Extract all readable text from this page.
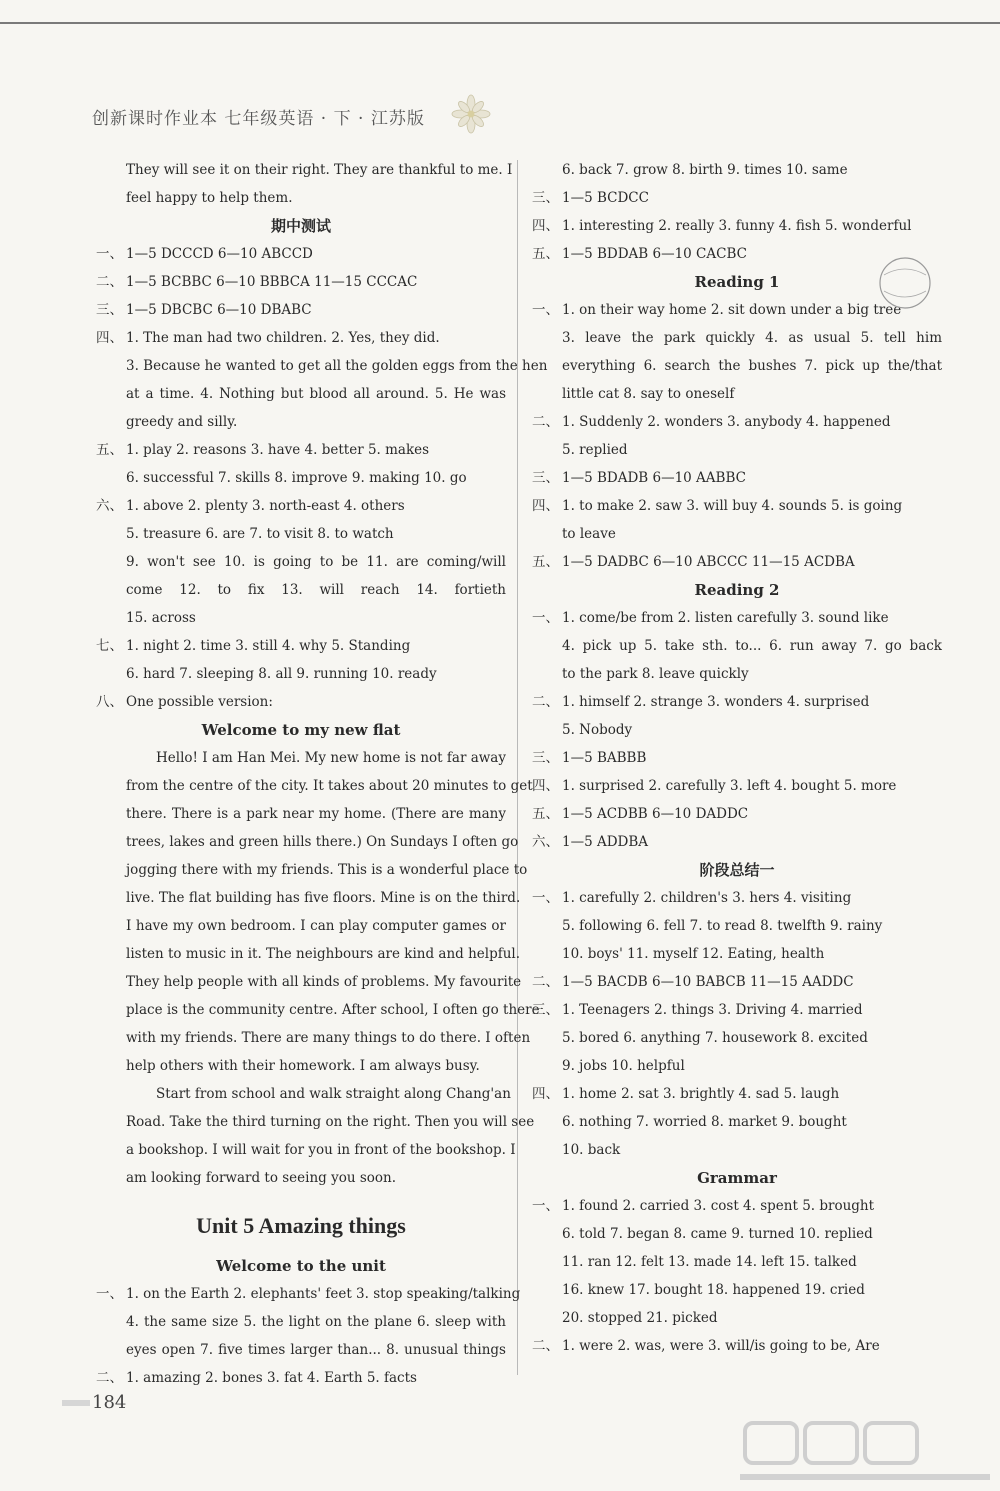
创新课时作业本 七年级英语 · 下 · 江苏版
They will see it on their right. They are thankful to me. I
feel happy to help them.
期中测试
一、 1—5 DCCCD 6—10 ABCCD
二、 1—5 BCBBC 6—10 BBBCA 11—15 CCCAC
三、 1—5 DBCBC 6—10 DBABC
四、 1. The man had two children. 2. Yes, they did.
3. Because he wanted to get all the golden eggs from the hen
at a time. 4. Nothing but blood all around. 5. He was
greedy and silly.
五、 1. play 2. reasons 3. have 4. better 5. makes
6. successful 7. skills 8. improve 9. making 10. go
六、 1. above 2. plenty 3. north-east 4. others
5. treasure 6. are 7. to visit 8. to watch
9. won't see 10. is going to be 11. are coming/will
come 12. to fix 13. will reach 14. fortieth
15. across
七、 1. night 2. time 3. still 4. why 5. Standing
6. hard 7. sleeping 8. all 9. running 10. ready
八、 One possible version:
Welcome to my new flat
Hello! I am Han Mei. My new home is not far away
from the centre of the city. It takes about 20 minutes to get
there. There is a park near my home. (There are many
trees, lakes and green hills there.) On Sundays I often go
jogging there with my friends. This is a wonderful place to
live. The flat building has five floors. Mine is on the third.
I have my own bedroom. I can play computer games or
listen to music in it. The neighbours are kind and helpful.
They help people with all kinds of problems. My favourite
place is the community centre. After school, I often go there
with my friends. There are many things to do there. I often
help others with their homework. I am always busy.
Start from school and walk straight along Chang'an
Road. Take the third turning on the right. Then you will see
a bookshop. I will wait for you in front of the bookshop. I
am looking forward to seeing you soon.
Unit 5 Amazing things
Welcome to the unit
一、 1. on the Earth 2. elephants' feet 3. stop speaking/talking
4. the same size 5. the light on the plane 6. sleep with
eyes open 7. five times larger than... 8. unusual things
二、 1. amazing 2. bones 3. fat 4. Earth 5. facts
6. back 7. grow 8. birth 9. times 10. same
三、 1—5 BCDCC
四、 1. interesting 2. really 3. funny 4. fish 5. wonderful
五、 1—5 BDDAB 6—10 CACBC
Reading 1
一、 1. on their way home 2. sit down under a big tree
3. leave the park quickly 4. as usual 5. tell him
everything 6. search the bushes 7. pick up the/that
little cat 8. say to oneself
二、 1. Suddenly 2. wonders 3. anybody 4. happened
5. replied
三、 1—5 BDADB 6—10 AABBC
四、 1. to make 2. saw 3. will buy 4. sounds 5. is going
to leave
五、 1—5 DADBC 6—10 ABCCC 11—15 ACDBA
Reading 2
一、 1. come/be from 2. listen carefully 3. sound like
4. pick up 5. take sth. to... 6. run away 7. go back
to the park 8. leave quickly
二、 1. himself 2. strange 3. wonders 4. surprised
5. Nobody
三、 1—5 BABBB
四、 1. surprised 2. carefully 3. left 4. bought 5. more
五、 1—5 ACDBB 6—10 DADDC
六、 1—5 ADDBA
阶段总结一
一、 1. carefully 2. children's 3. hers 4. visiting
5. following 6. fell 7. to read 8. twelfth 9. rainy
10. boys' 11. myself 12. Eating, health
二、 1—5 BACDB 6—10 BABCB 11—15 AADDC
三、 1. Teenagers 2. things 3. Driving 4. married
5. bored 6. anything 7. housework 8. excited
9. jobs 10. helpful
四、 1. home 2. sat 3. brightly 4. sad 5. laugh
6. nothing 7. worried 8. market 9. bought
10. back
Grammar
一、 1. found 2. carried 3. cost 4. spent 5. brought
6. told 7. began 8. came 9. turned 10. replied
11. ran 12. felt 13. made 14. left 15. talked
16. knew 17. bought 18. happened 19. cried
20. stopped 21. picked
二、 1. were 2. was, were 3. will/is going to be, Are
184
